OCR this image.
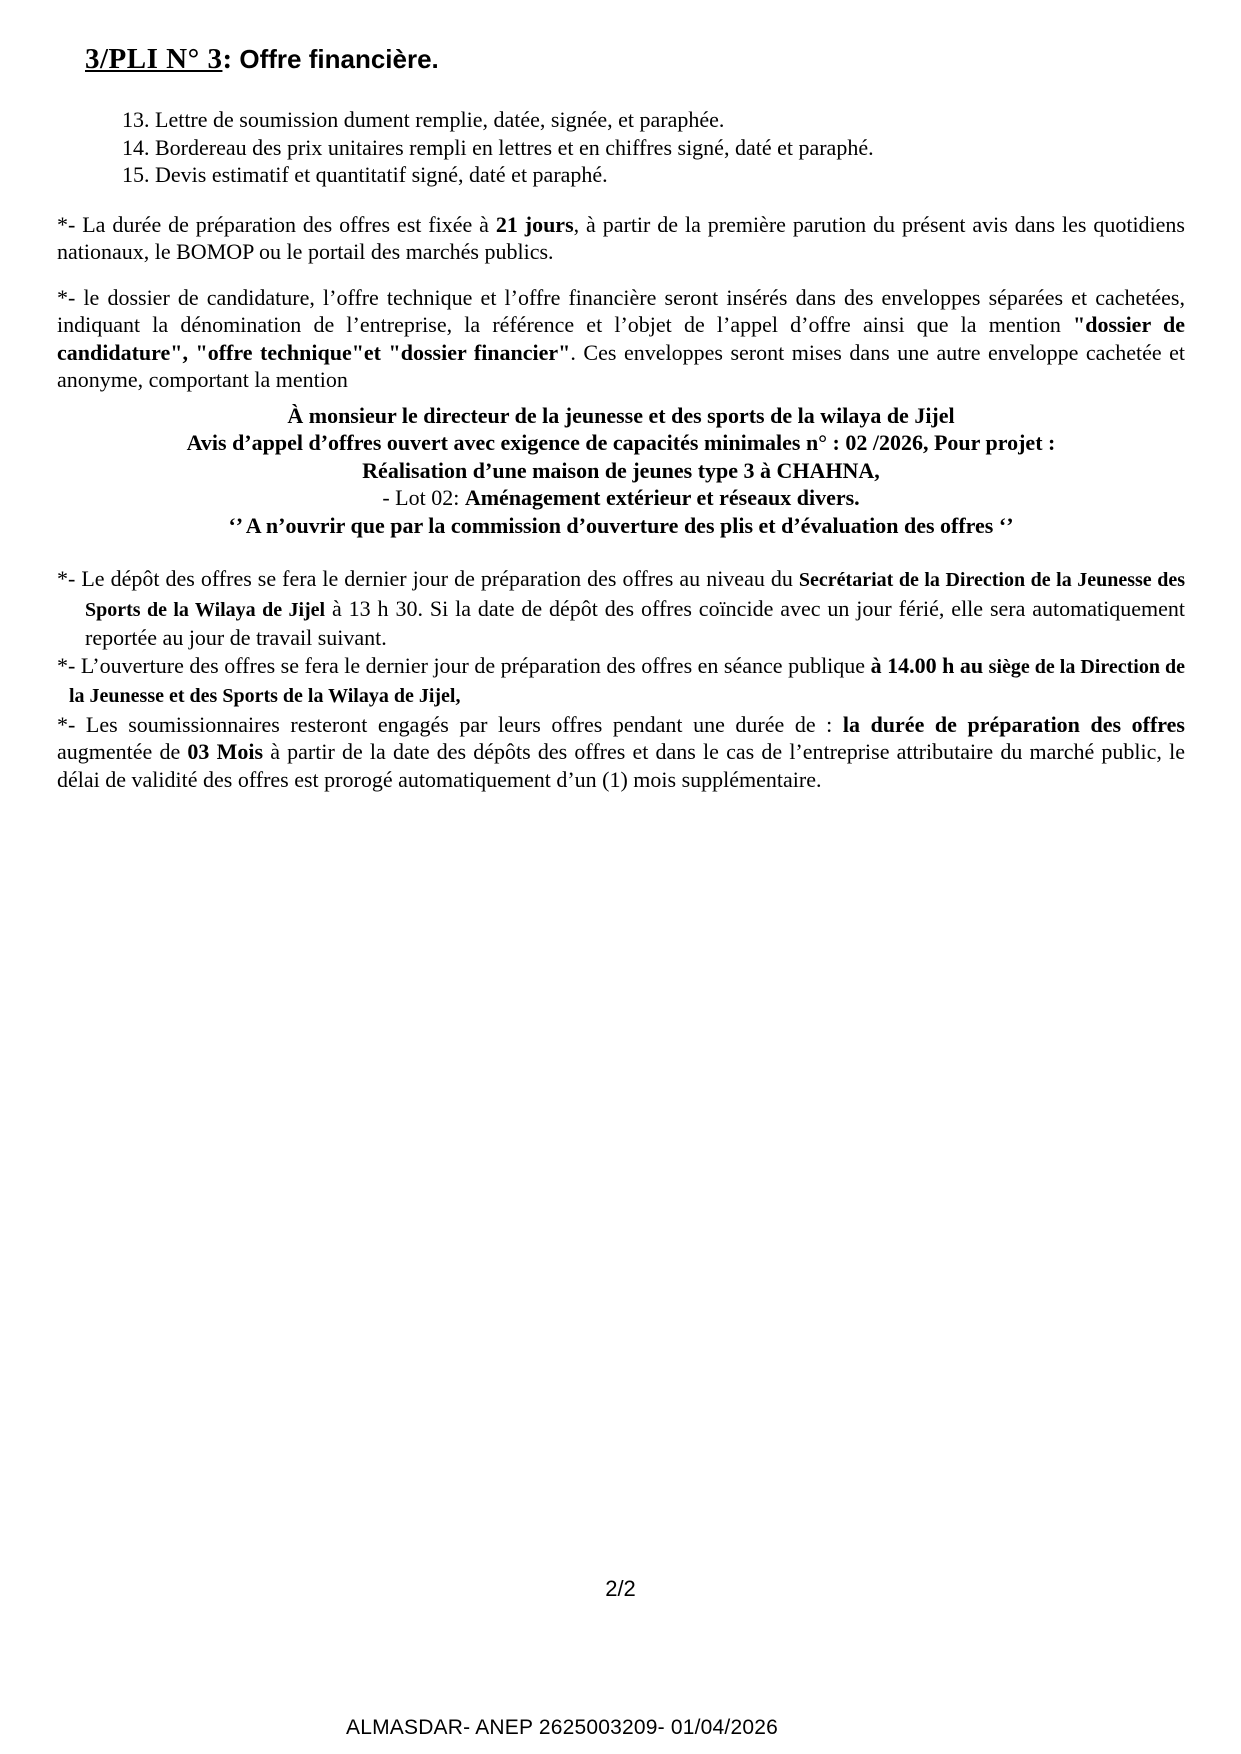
3/PLI N° 3: Offre financière.
13. Lettre de soumission dument remplie, datée, signée, et paraphée.
14. Bordereau des prix unitaires rempli en lettres et en chiffres signé, daté et paraphé.
15. Devis estimatif et quantitatif signé, daté et paraphé.

*- La durée de préparation des offres est fixée à 21 jours, à partir de la première parution du présent avis dans les quotidiens nationaux, le BOMOP ou le portail des marchés publics.

*- le dossier de candidature, l’offre technique et l’offre financière seront insérés dans des enveloppes séparées et cachetées, indiquant la dénomination de l’entreprise, la référence et l’objet de l’appel d’offre ainsi que la mention "dossier de candidature", "offre technique"et "dossier financier". Ces enveloppes seront mises dans une autre enveloppe cachetée et anonyme, comportant la mention

À monsieur le directeur de la jeunesse et des sports de la wilaya de Jijel
Avis d’appel d’offres ouvert avec exigence de capacités minimales n° : 02 /2026, Pour projet :
Réalisation d’une maison de jeunes type 3 à CHAHNA,
- Lot 02: Aménagement extérieur et réseaux divers.
‘’ A n’ouvrir que par la commission d’ouverture des plis et d’évaluation des offres ‘’

*- Le dépôt des offres se fera le dernier jour de préparation des offres au niveau du Secrétariat de la Direction de la Jeunesse des Sports de la Wilaya de Jijel à 13 h 30. Si la date de dépôt des offres coïncide avec un jour férié, elle sera automatiquement reportée au jour de travail suivant.

*- L’ouverture des offres se fera le dernier jour de préparation des offres en séance publique à 14.00 h au siège de la Direction de la Jeunesse et des Sports de la Wilaya de Jijel,

*- Les soumissionnaires resteront engagés par leurs offres pendant une durée de : la durée de préparation des offres augmentée de 03 Mois à partir de la date des dépôts des offres et dans le cas de l’entreprise attributaire du marché public, le délai de validité des offres est prorogé automatiquement d’un (1) mois supplémentaire.

2/2
ALMASDAR- ANEP 2625003209- 01/04/2026
